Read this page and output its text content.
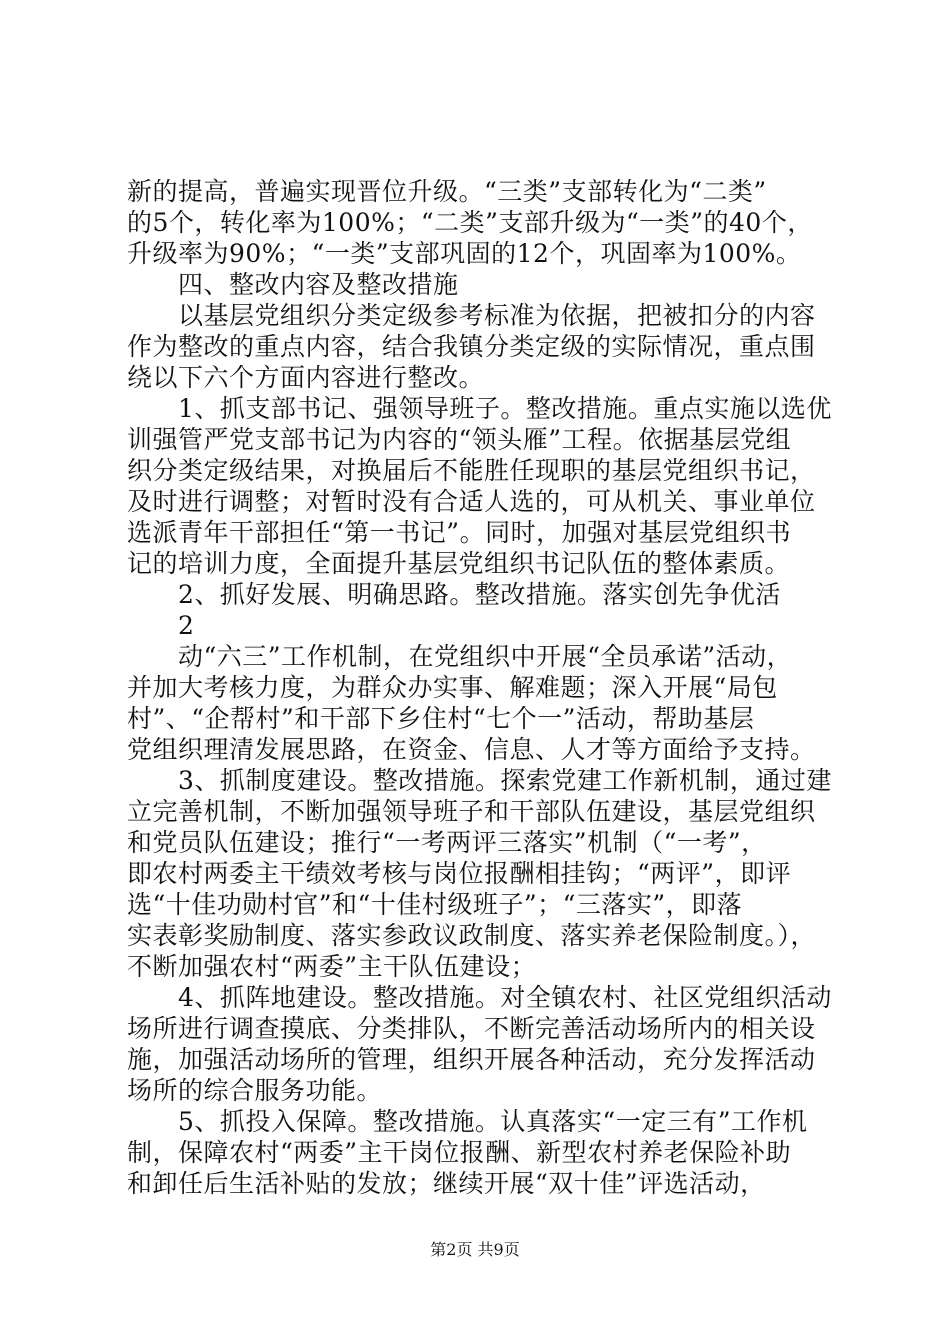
新的提高，普遍实现晋位升级。“三类”支部转化为“二类”
的5个，转化率为100%；“二类”支部升级为“一类”的40个，
升级率为90%；“一类”支部巩固的12个，巩固率为100%。
四、整改内容及整改措施
以基层党组织分类定级参考标准为依据，把被扣分的内容
作为整改的重点内容，结合我镇分类定级的实际情况，重点围
绕以下六个方面内容进行整改。
1、抓支部书记、强领导班子。整改措施。重点实施以选优
训强管严党支部书记为内容的“领头雁”工程。依据基层党组
织分类定级结果，对换届后不能胜任现职的基层党组织书记，
及时进行调整；对暂时没有合适人选的，可从机关、事业单位
选派青年干部担任“第一书记”。同时，加强对基层党组织书
记的培训力度，全面提升基层党组织书记队伍的整体素质。
2、抓好发展、明确思路。整改措施。落实创先争优活
2
动“六三”工作机制，在党组织中开展“全员承诺”活动，
并加大考核力度，为群众办实事、解难题；深入开展“局包
村”、“企帮村”和干部下乡住村“七个一”活动，帮助基层
党组织理清发展思路，在资金、信息、人才等方面给予支持。
3、抓制度建设。整改措施。探索党建工作新机制，通过建
立完善机制，不断加强领导班子和干部队伍建设，基层党组织
和党员队伍建设；推行“一考两评三落实”机制（“一考”，
即农村两委主干绩效考核与岗位报酬相挂钩；“两评”，即评
选“十佳功勋村官”和“十佳村级班子”；“三落实”，即落
实表彰奖励制度、落实参政议政制度、落实养老保险制度。），
不断加强农村“两委”主干队伍建设；
4、抓阵地建设。整改措施。对全镇农村、社区党组织活动
场所进行调查摸底、分类排队，不断完善活动场所内的相关设
施，加强活动场所的管理，组织开展各种活动，充分发挥活动
场所的综合服务功能。
5、抓投入保障。整改措施。认真落实“一定三有”工作机
制，保障农村“两委”主干岗位报酬、新型农村养老保险补助
和卸任后生活补贴的发放；继续开展“双十佳”评选活动，
第2页 共9页
